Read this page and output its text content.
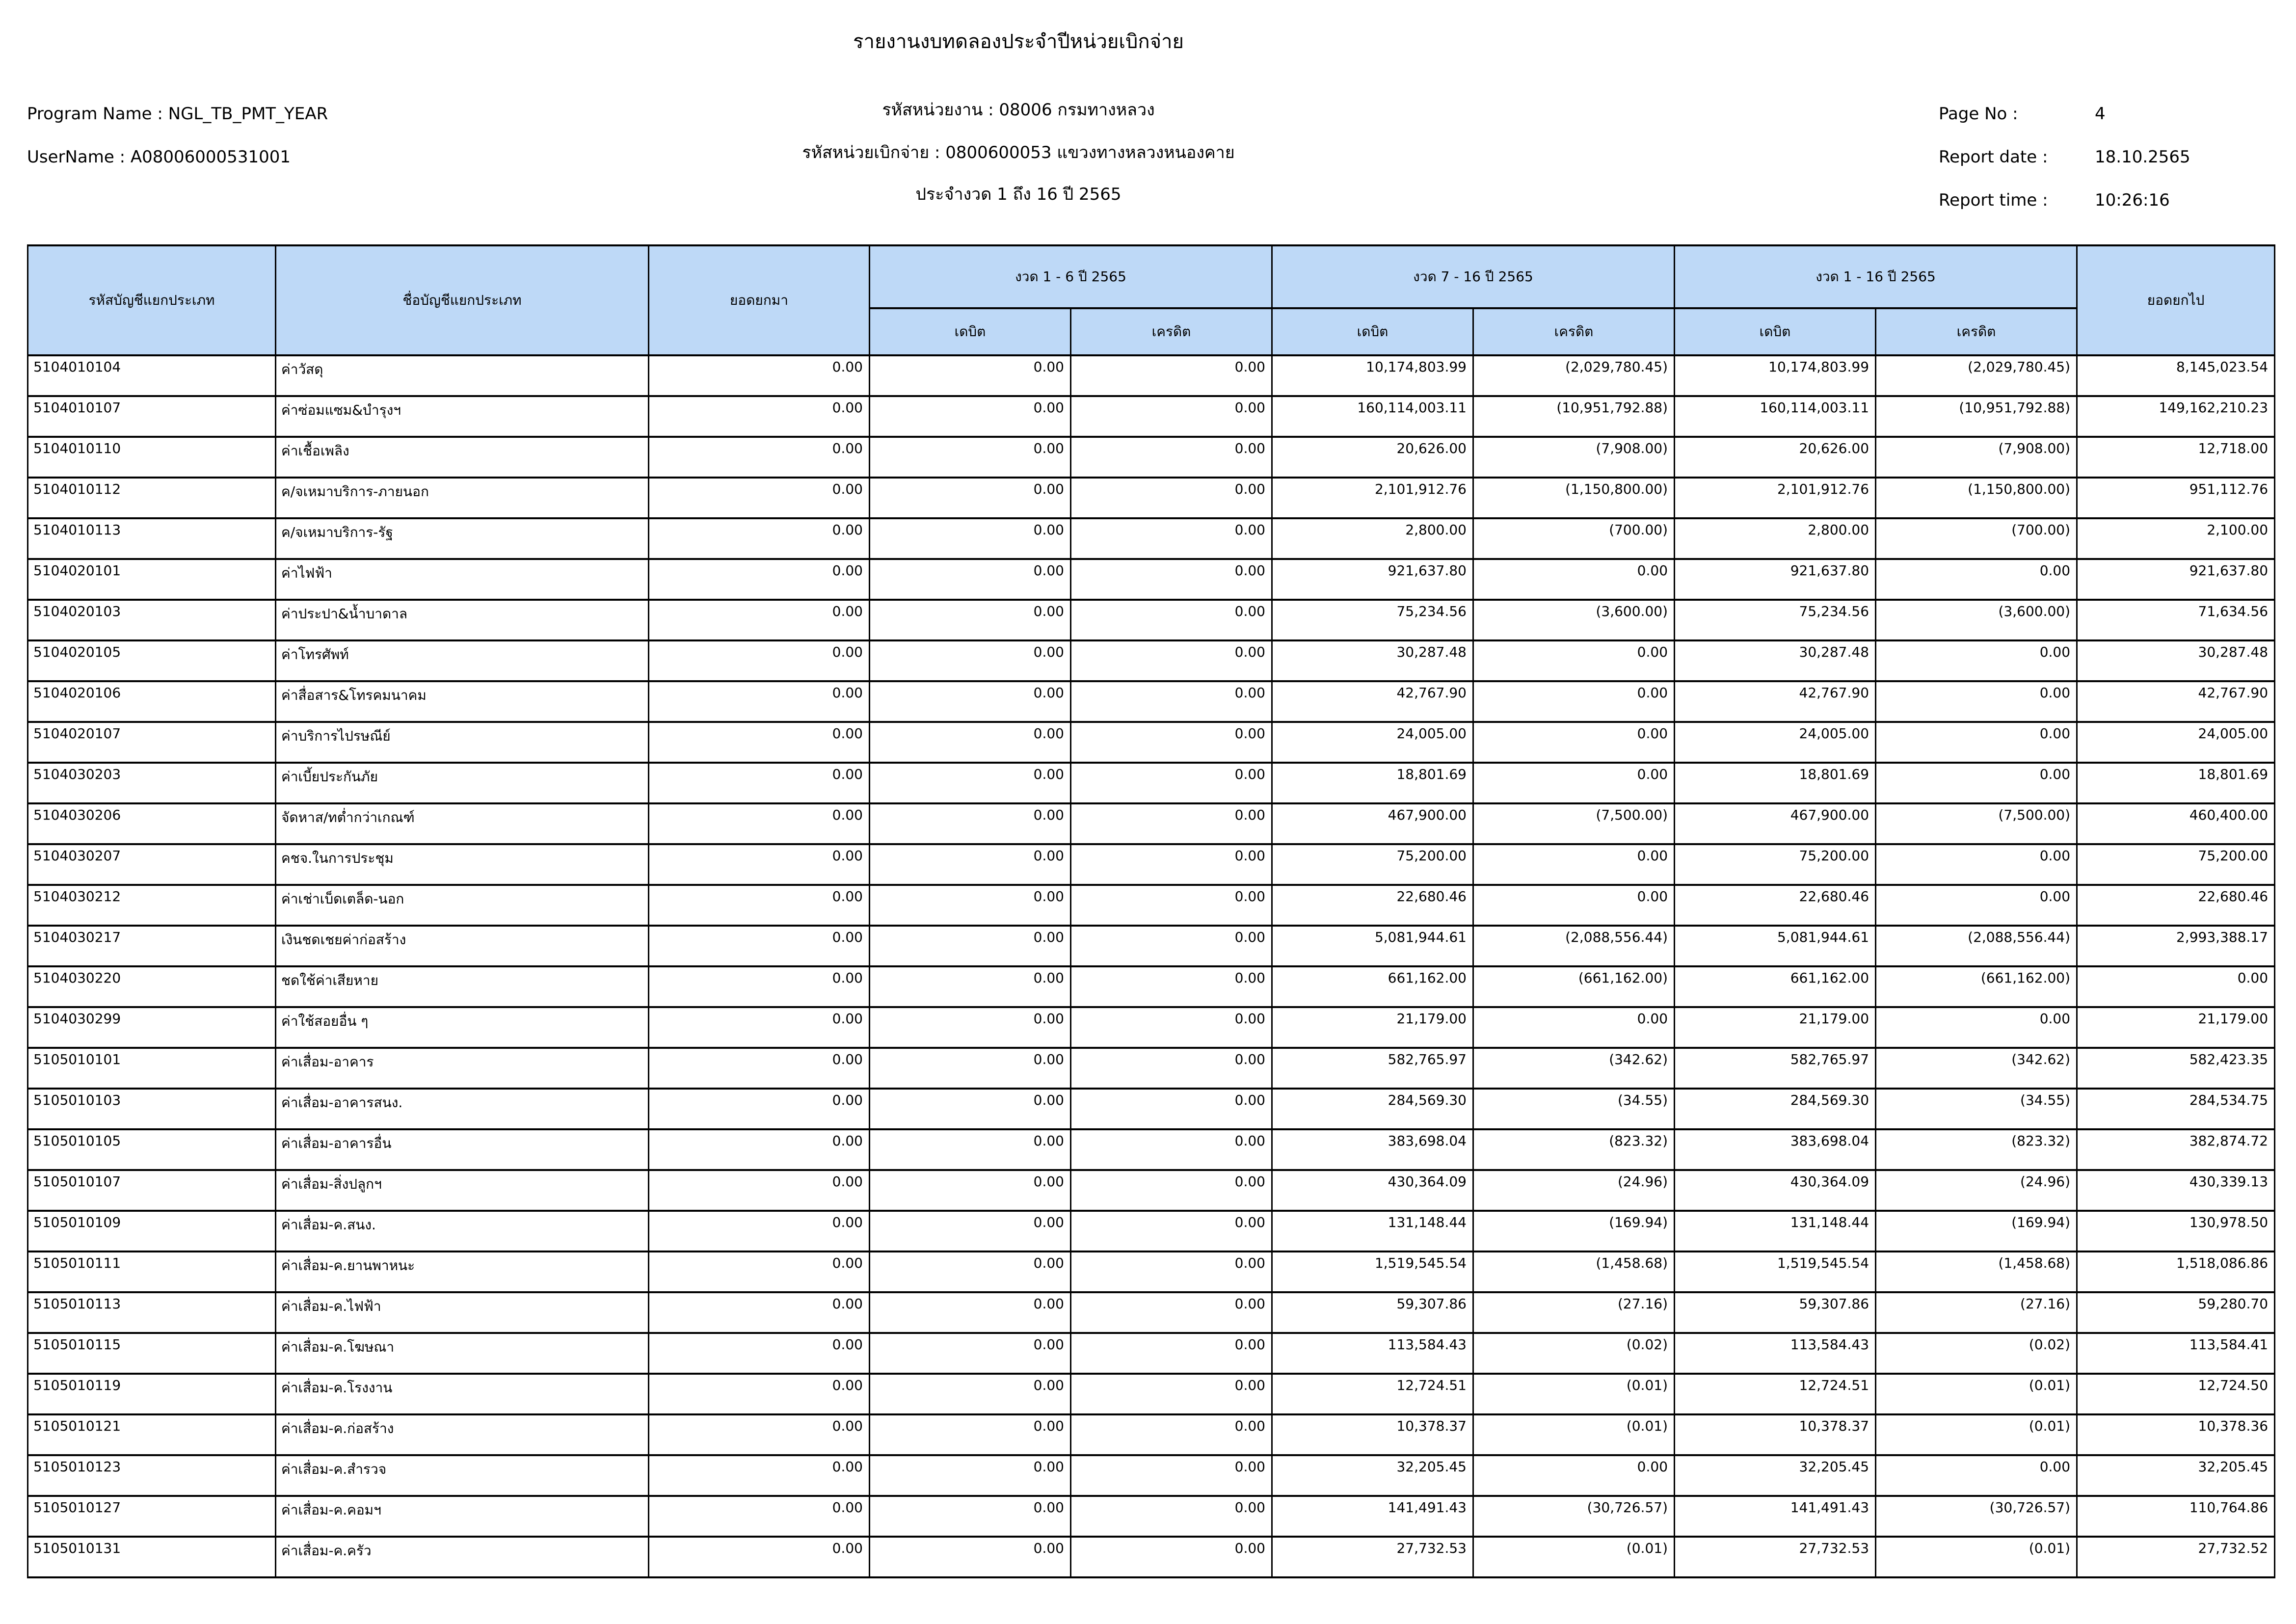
รายงานงบทดลองประจำปีหน่วยเบิกจ่าย
รหัสหน่วยงาน : 08006 กรมทางหลวง
รหัสหน่วยเบิกจ่าย : 0800600053 แขวงทางหลวงหนองคาย
ประจำงวด 1 ถึง 16 ปี 2565
Program Name : NGL_TB_PMT_YEAR
UserName : A08006000531001
Page No :	4
Report date :	18.10.2565
Report time :	10:26:16
รหัสบัญชีแยกประเภท	ชื่อบัญชีแยกประเภท	ยอดยกมา	งวด 1 - 6 ปี 2565		งวด 7 - 16 ปี 2565		งวด 1 - 16 ปี 2565		ยอดยกไป
			เดบิต	เครดิต	เดบิต	เครดิต	เดบิต	เครดิต	
5104010104	ค่าวัสดุ	0.00	0.00	0.00	10,174,803.99	(2,029,780.45)	10,174,803.99	(2,029,780.45)	8,145,023.54
5104010107	ค่าซ่อมแซม&บำรุงฯ	0.00	0.00	0.00	160,114,003.11	(10,951,792.88)	160,114,003.11	(10,951,792.88)	149,162,210.23
5104010110	ค่าเชื้อเพลิง	0.00	0.00	0.00	20,626.00	(7,908.00)	20,626.00	(7,908.00)	12,718.00
5104010112	ค/จเหมาบริการ-ภายนอก	0.00	0.00	0.00	2,101,912.76	(1,150,800.00)	2,101,912.76	(1,150,800.00)	951,112.76
5104010113	ค/จเหมาบริการ-รัฐ	0.00	0.00	0.00	2,800.00	(700.00)	2,800.00	(700.00)	2,100.00
5104020101	ค่าไฟฟ้า	0.00	0.00	0.00	921,637.80	0.00	921,637.80	0.00	921,637.80
5104020103	ค่าประปา&น้ำบาดาล	0.00	0.00	0.00	75,234.56	(3,600.00)	75,234.56	(3,600.00)	71,634.56
5104020105	ค่าโทรศัพท์	0.00	0.00	0.00	30,287.48	0.00	30,287.48	0.00	30,287.48
5104020106	ค่าสื่อสาร&โทรคมนาคม	0.00	0.00	0.00	42,767.90	0.00	42,767.90	0.00	42,767.90
5104020107	ค่าบริการไปรษณีย์	0.00	0.00	0.00	24,005.00	0.00	24,005.00	0.00	24,005.00
5104030203	ค่าเบี้ยประกันภัย	0.00	0.00	0.00	18,801.69	0.00	18,801.69	0.00	18,801.69
5104030206	จัดหาส/ทต่ำกว่าเกณฑ์	0.00	0.00	0.00	467,900.00	(7,500.00)	467,900.00	(7,500.00)	460,400.00
5104030207	คชจ.ในการประชุม	0.00	0.00	0.00	75,200.00	0.00	75,200.00	0.00	75,200.00
5104030212	ค่าเช่าเบ็ดเตล็ด-นอก	0.00	0.00	0.00	22,680.46	0.00	22,680.46	0.00	22,680.46
5104030217	เงินชดเชยค่าก่อสร้าง	0.00	0.00	0.00	5,081,944.61	(2,088,556.44)	5,081,944.61	(2,088,556.44)	2,993,388.17
5104030220	ชดใช้ค่าเสียหาย	0.00	0.00	0.00	661,162.00	(661,162.00)	661,162.00	(661,162.00)	0.00
5104030299	ค่าใช้สอยอื่น ๆ	0.00	0.00	0.00	21,179.00	0.00	21,179.00	0.00	21,179.00
5105010101	ค่าเสื่อม-อาคาร	0.00	0.00	0.00	582,765.97	(342.62)	582,765.97	(342.62)	582,423.35
5105010103	ค่าเสื่อม-อาคารสนง.	0.00	0.00	0.00	284,569.30	(34.55)	284,569.30	(34.55)	284,534.75
5105010105	ค่าเสื่อม-อาคารอื่น	0.00	0.00	0.00	383,698.04	(823.32)	383,698.04	(823.32)	382,874.72
5105010107	ค่าเสื่อม-สิ่งปลูกฯ	0.00	0.00	0.00	430,364.09	(24.96)	430,364.09	(24.96)	430,339.13
5105010109	ค่าเสื่อม-ค.สนง.	0.00	0.00	0.00	131,148.44	(169.94)	131,148.44	(169.94)	130,978.50
5105010111	ค่าเสื่อม-ค.ยานพาหนะ	0.00	0.00	0.00	1,519,545.54	(1,458.68)	1,519,545.54	(1,458.68)	1,518,086.86
5105010113	ค่าเสื่อม-ค.ไฟฟ้า	0.00	0.00	0.00	59,307.86	(27.16)	59,307.86	(27.16)	59,280.70
5105010115	ค่าเสื่อม-ค.โฆษณา	0.00	0.00	0.00	113,584.43	(0.02)	113,584.43	(0.02)	113,584.41
5105010119	ค่าเสื่อม-ค.โรงงาน	0.00	0.00	0.00	12,724.51	(0.01)	12,724.51	(0.01)	12,724.50
5105010121	ค่าเสื่อม-ค.ก่อสร้าง	0.00	0.00	0.00	10,378.37	(0.01)	10,378.37	(0.01)	10,378.36
5105010123	ค่าเสื่อม-ค.สำรวจ	0.00	0.00	0.00	32,205.45	0.00	32,205.45	0.00	32,205.45
5105010127	ค่าเสื่อม-ค.คอมฯ	0.00	0.00	0.00	141,491.43	(30,726.57)	141,491.43	(30,726.57)	110,764.86
5105010131	ค่าเสื่อม-ค.ครัว	0.00	0.00	0.00	27,732.53	(0.01)	27,732.53	(0.01)	27,732.52
